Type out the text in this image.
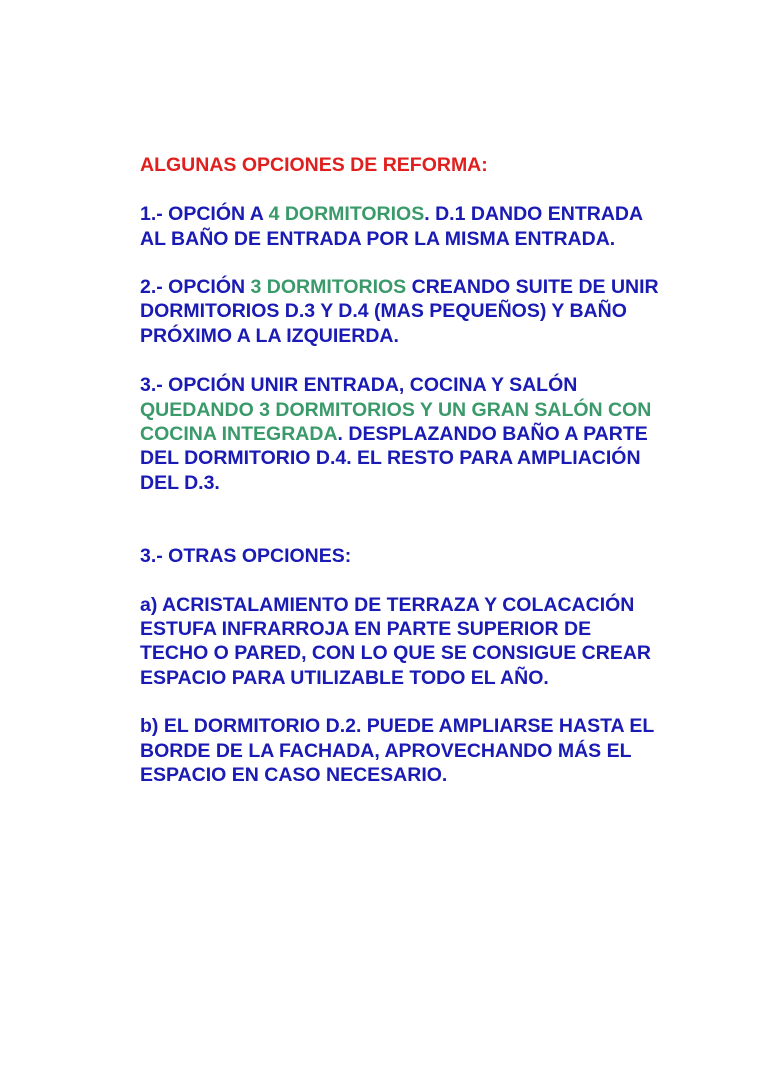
ALGUNAS OPCIONES DE REFORMA:
1.- OPCIÓN A 4 DORMITORIOS. D.1 DANDO ENTRADA
AL BAÑO DE ENTRADA POR LA MISMA ENTRADA.
2.- OPCIÓN 3 DORMITORIOS CREANDO SUITE DE UNIR
DORMITORIOS D.3 Y D.4 (MAS PEQUEÑOS) Y BAÑO
PRÓXIMO A LA IZQUIERDA.
3.- OPCIÓN UNIR ENTRADA, COCINA Y SALÓN
QUEDANDO 3 DORMITORIOS Y UN GRAN SALÓN CON
COCINA INTEGRADA. DESPLAZANDO BAÑO A PARTE
DEL DORMITORIO D.4. EL RESTO PARA AMPLIACIÓN
DEL D.3.
3.- OTRAS OPCIONES:
a) ACRISTALAMIENTO DE TERRAZA Y COLACACIÓN
ESTUFA INFRARROJA EN PARTE SUPERIOR DE
TECHO O PARED, CON LO QUE SE CONSIGUE CREAR
ESPACIO PARA UTILIZABLE TODO EL AÑO.
b) EL DORMITORIO D.2. PUEDE AMPLIARSE HASTA EL
BORDE DE LA FACHADA, APROVECHANDO MÁS EL
ESPACIO EN CASO NECESARIO.
